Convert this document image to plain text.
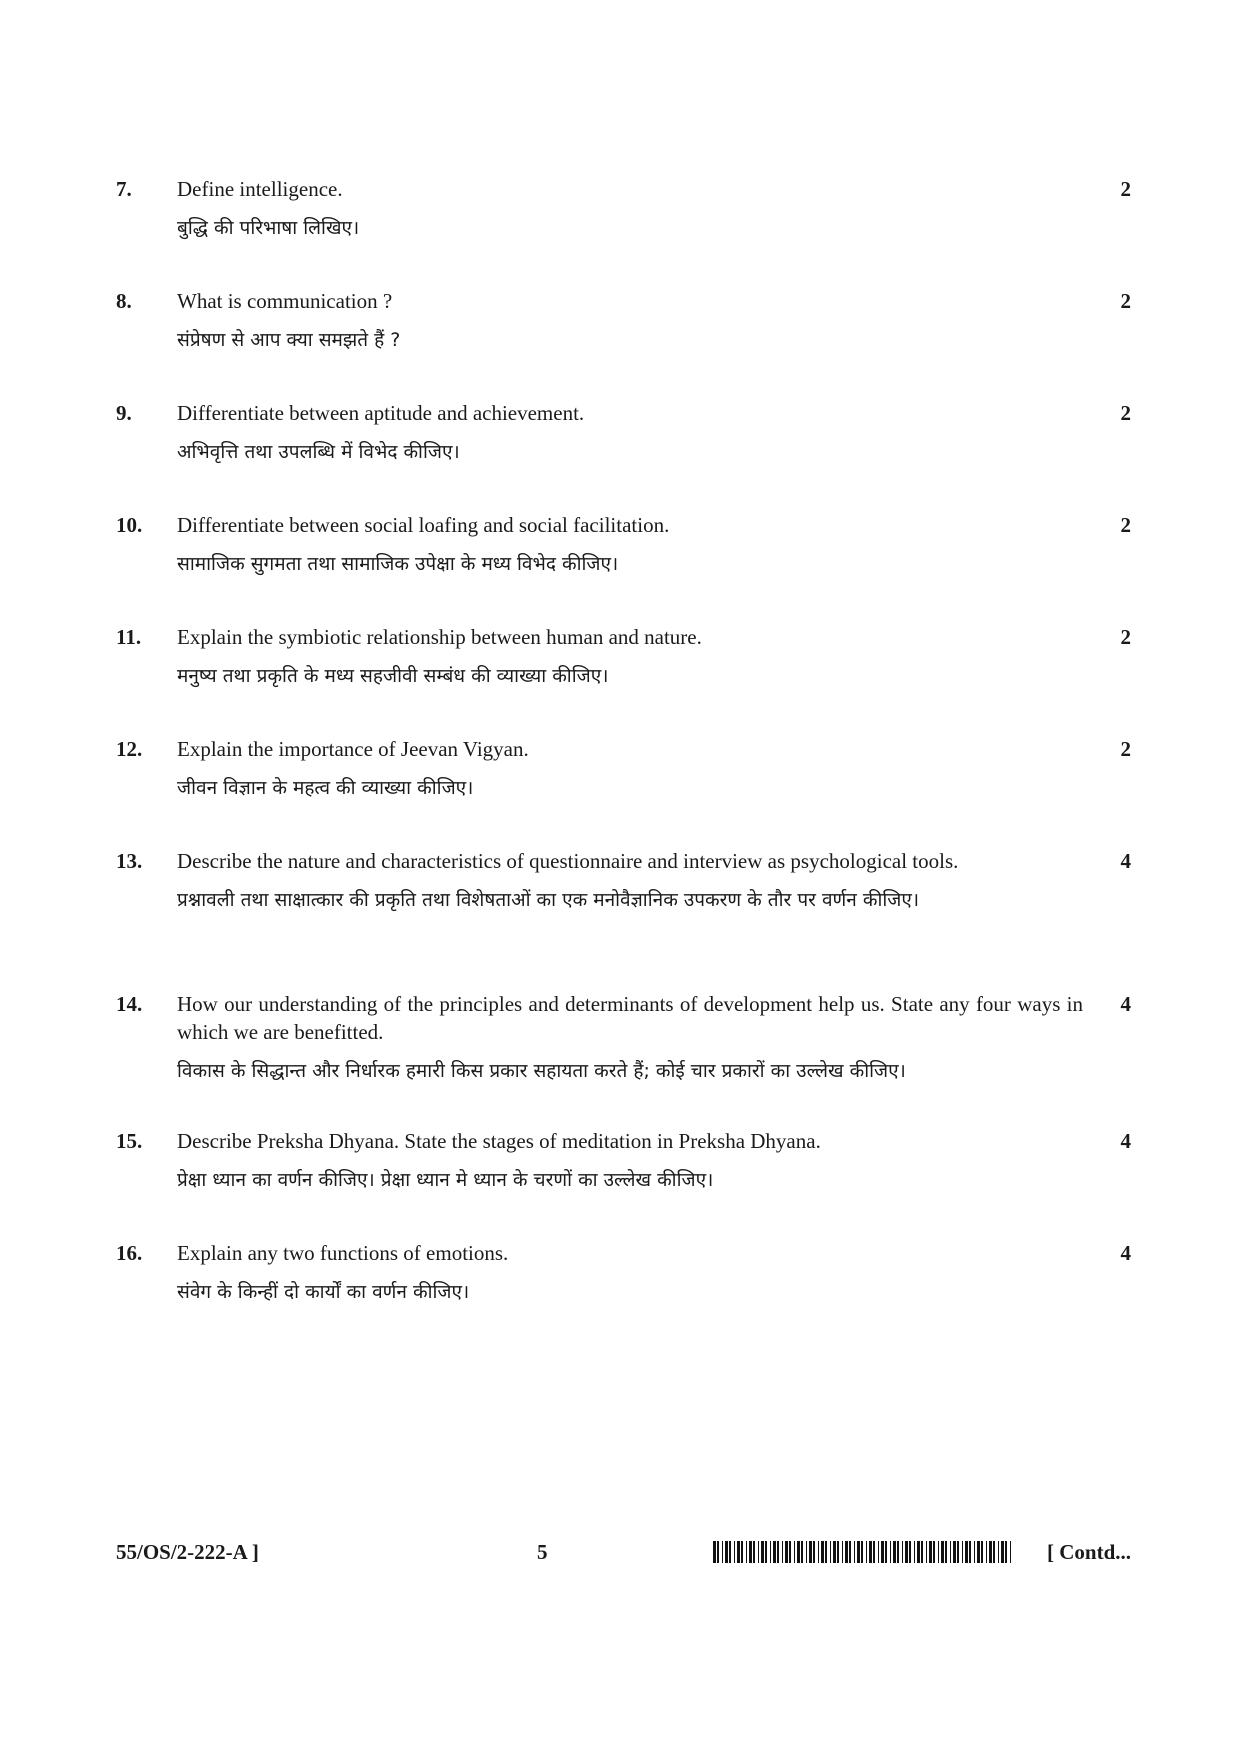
7. Define intelligence.
बुद्धि की परिभाषा लिखिए।
2
8. What is communication ?
संप्रेषण से आप क्या समझते हैं ?
2
9. Differentiate between aptitude and achievement.
अभिवृत्ति तथा उपलब्धि में विभेद कीजिए।
2
10. Differentiate between social loafing and social facilitation.
सामाजिक सुगमता तथा सामाजिक उपेक्षा के मध्य विभेद कीजिए।
2
11. Explain the symbiotic relationship between human and nature.
मनुष्य तथा प्रकृति के मध्य सहजीवी सम्बंध की व्याख्या कीजिए।
2
12. Explain the importance of Jeevan Vigyan.
जीवन विज्ञान के महत्व की व्याख्या कीजिए।
2
13. Describe the nature and characteristics of questionnaire and interview as psychological tools.
प्रश्नावली तथा साक्षात्कार की प्रकृति तथा विशेषताओं का एक मनोवैज्ञानिक उपकरण के तौर पर वर्णन कीजिए।
4
14. How our understanding of the principles and determinants of development help us. State any four ways in which we are benefitted.
विकास के सिद्धान्त और निर्धारक हमारी किस प्रकार सहायता करते हैं; कोई चार प्रकारों का उल्लेख कीजिए।
4
15. Describe Preksha Dhyana. State the stages of meditation in Preksha Dhyana.
प्रेक्षा ध्यान का वर्णन कीजिए। प्रेक्षा ध्यान मे ध्यान के चरणों का उल्लेख कीजिए।
4
16. Explain any two functions of emotions.
संवेग के किन्हीं दो कार्यों का वर्णन कीजिए।
4
55/OS/2-222-A ]	5	[ Contd...
